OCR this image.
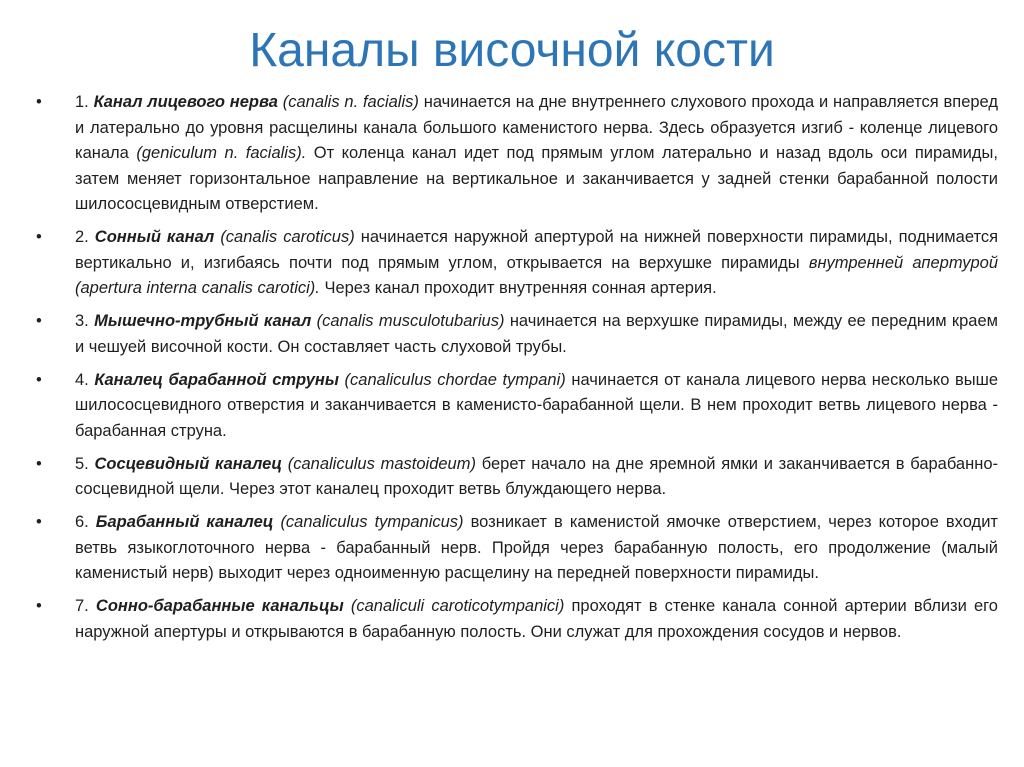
Каналы височной кости
• 1. Канал лицевого нерва (canalis n. facialis) начинается на дне внутреннего слухового прохода и направляется вперед и латерально до уровня расщелины канала большого каменистого нерва. Здесь образуется изгиб - коленце лицевого канала (geniculum n. facialis). От коленца канал идет под прямым углом латерально и назад вдоль оси пирамиды, затем меняет горизонтальное направление на вертикальное и заканчивается у задней стенки барабанной полости шилососцевидным отверстием.
• 2. Сонный канал (canalis caroticus) начинается наружной апертурой на нижней поверхности пирамиды, поднимается вертикально и, изгибаясь почти под прямым углом, открывается на верхушке пирамиды внутренней апертурой (apertura interna canalis carotici). Через канал проходит внутренняя сонная артерия.
• 3. Мышечно-трубный канал (canalis musculotubarius) начинается на верхушке пирамиды, между ее передним краем и чешуей височной кости. Он составляет часть слуховой трубы.
• 4. Каналец барабанной струны (canaliculus chordae tympani) начинается от канала лицевого нерва несколько выше шилососцевидного отверстия и заканчивается в каменисто-барабанной щели. В нем проходит ветвь лицевого нерва - барабанная струна.
• 5. Сосцевидный каналец (canaliculus mastoideum) берет начало на дне яремной ямки и заканчивается в барабанно-сосцевидной щели. Через этот каналец проходит ветвь блуждающего нерва.
• 6. Барабанный каналец (canaliculus tympanicus) возникает в каменистой ямочке отверстием, через которое входит ветвь языкоглоточного нерва - барабанный нерв. Пройдя через барабанную полость, его продолжение (малый каменистый нерв) выходит через одноименную расщелину на передней поверхности пирамиды.
• 7. Сонно-барабанные канальцы (canaliculi caroticotympanici) проходят в стенке канала сонной артерии вблизи его наружной апертуры и открываются в барабанную полость. Они служат для прохождения сосудов и нервов.
